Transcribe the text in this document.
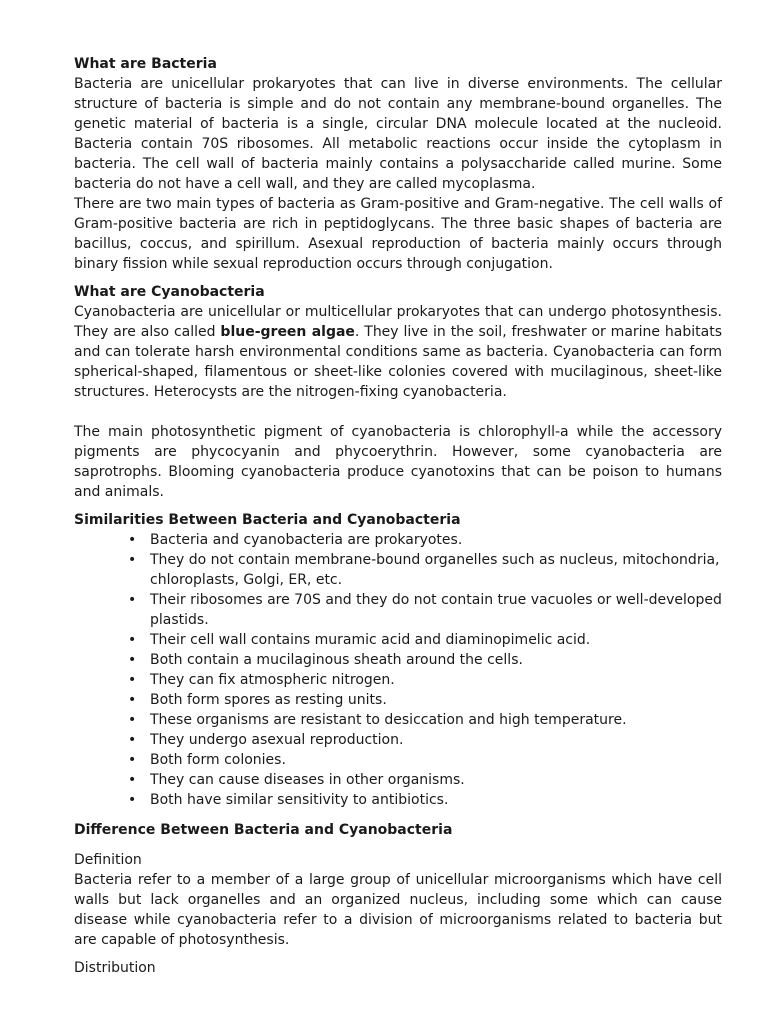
What are Bacteria

Bacteria are unicellular prokaryotes that can live in diverse environments. The cellular structure of bacteria is simple and do not contain any membrane-bound organelles. The genetic material of bacteria is a single, circular DNA molecule located at the nucleoid. Bacteria contain 70S ribosomes. All metabolic reactions occur inside the cytoplasm in bacteria. The cell wall of bacteria mainly contains a polysaccharide called murine. Some bacteria do not have a cell wall, and they are called mycoplasma.

There are two main types of bacteria as Gram-positive and Gram-negative. The cell walls of Gram-positive bacteria are rich in peptidoglycans. The three basic shapes of bacteria are bacillus, coccus, and spirillum. Asexual reproduction of bacteria mainly occurs through binary fission while sexual reproduction occurs through conjugation.

What are Cyanobacteria

Cyanobacteria are unicellular or multicellular prokaryotes that can undergo photosynthesis. They are also called blue-green algae. They live in the soil, freshwater or marine habitats and can tolerate harsh environmental conditions same as bacteria. Cyanobacteria can form spherical-shaped, filamentous or sheet-like colonies covered with mucilaginous, sheet-like structures. Heterocysts are the nitrogen-fixing cyanobacteria.

The main photosynthetic pigment of cyanobacteria is chlorophyll-a while the accessory pigments are phycocyanin and phycoerythrin. However, some cyanobacteria are saprotrophs. Blooming cyanobacteria produce cyanotoxins that can be poison to humans and animals.

Similarities Between Bacteria and Cyanobacteria

• Bacteria and cyanobacteria are prokaryotes.
• They do not contain membrane-bound organelles such as nucleus, mitochondria, chloroplasts, Golgi, ER, etc.
• Their ribosomes are 70S and they do not contain true vacuoles or well-developed plastids.
• Their cell wall contains muramic acid and diaminopimelic acid.
• Both contain a mucilaginous sheath around the cells.
• They can fix atmospheric nitrogen.
• Both form spores as resting units.
• These organisms are resistant to desiccation and high temperature.
• They undergo asexual reproduction.
• Both form colonies.
• They can cause diseases in other organisms.
• Both have similar sensitivity to antibiotics.

Difference Between Bacteria and Cyanobacteria

Definition

Bacteria refer to a member of a large group of unicellular microorganisms which have cell walls but lack organelles and an organized nucleus, including some which can cause disease while cyanobacteria refer to a division of microorganisms related to bacteria but are capable of photosynthesis.

Distribution
